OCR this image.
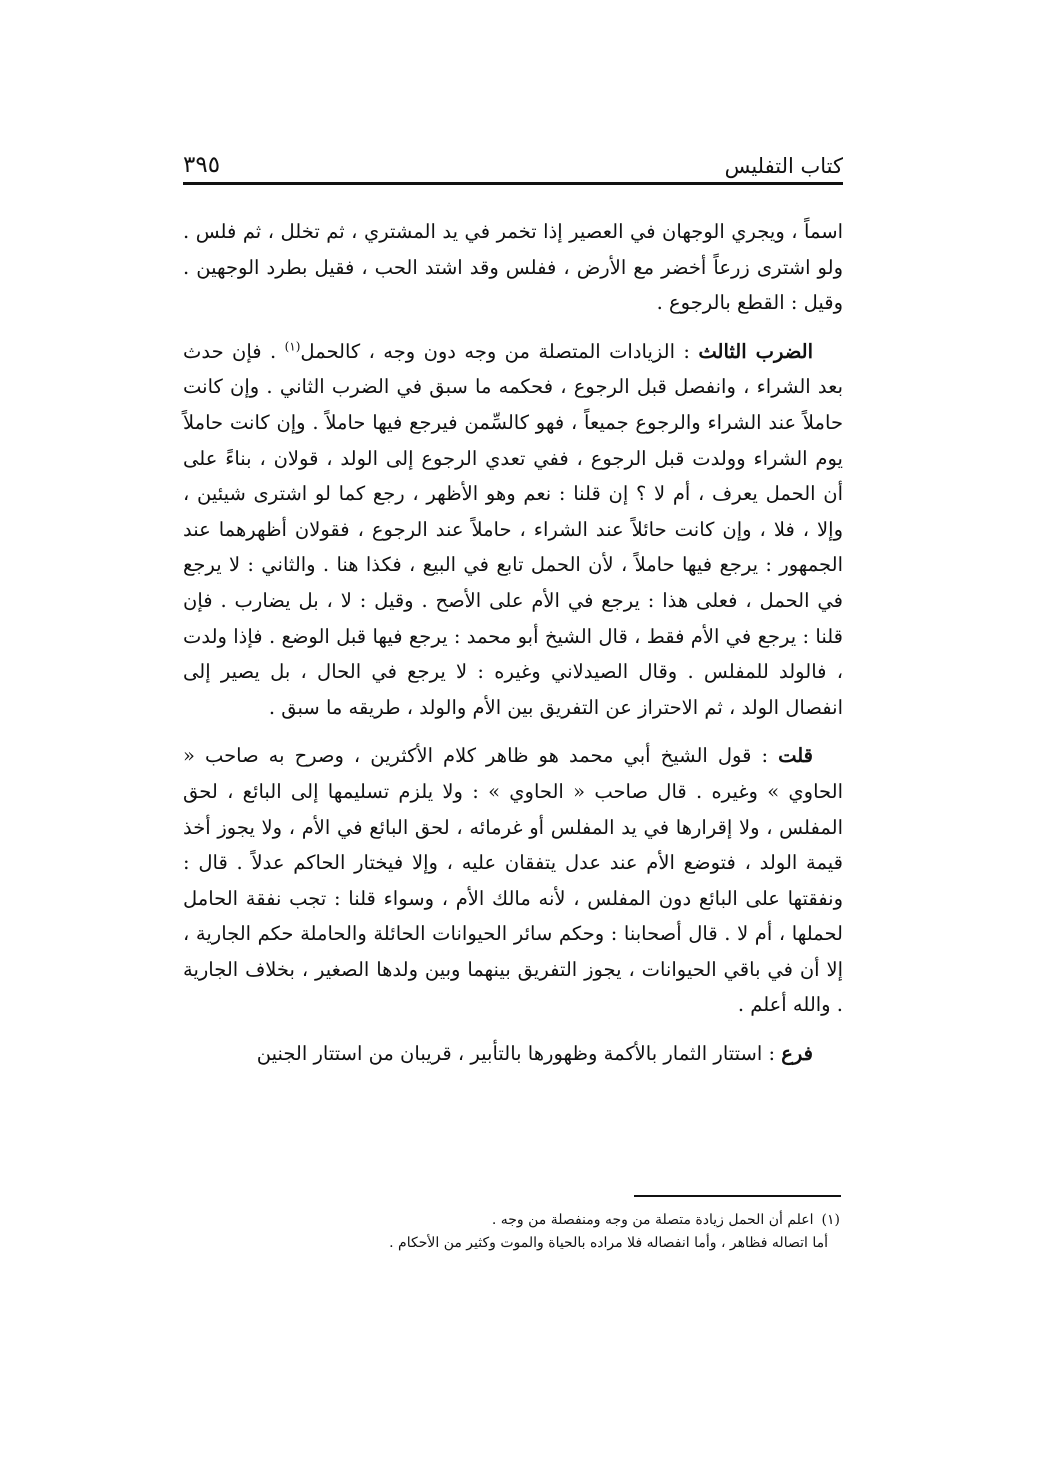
كتاب التفليس
٣٩٥

اسماً ، ويجري الوجهان في العصير إذا تخمر في يد المشتري ، ثم تخلل ، ثم فلس . ولو اشترى زرعاً أخضر مع الأرض ، ففلس وقد اشتد الحب ، فقيل بطرد الوجهين . وقيل : القطع بالرجوع .

الضرب الثالث : الزيادات المتصلة من وجه دون وجه ، كالحمل$^{(١)}$ . فإن حدث بعد الشراء ، وانفصل قبل الرجوع ، فحكمه ما سبق في الضرب الثاني . وإن كانت حاملاً عند الشراء والرجوع جميعاً ، فهو كالسِّمن فيرجع فيها حاملاً . وإن كانت حاملاً يوم الشراء وولدت قبل الرجوع ، ففي تعدي الرجوع إلى الولد ، قولان ، بناءً على أن الحمل يعرف ، أم لا ؟ إن قلنا : نعم وهو الأظهر ، رجع كما لو اشترى شيئين ، وإلا ، فلا ، وإن كانت حائلاً عند الشراء ، حاملاً عند الرجوع ، فقولان أظهرهما عند الجمهور : يرجع فيها حاملاً ، لأن الحمل تابع في البيع ، فكذا هنا . والثاني : لا يرجع في الحمل ، فعلى هذا : يرجع في الأم على الأصح . وقيل : لا ، بل يضارب . فإن قلنا : يرجع في الأم فقط ، قال الشيخ أبو محمد : يرجع فيها قبل الوضع . فإذا ولدت ، فالولد للمفلس . وقال الصيدلاني وغيره : لا يرجع في الحال ، بل يصير إلى انفصال الولد ، ثم الاحتراز عن التفريق بين الأم والولد ، طريقه ما سبق .

قلت : قول الشيخ أبي محمد هو ظاهر كلام الأكثرين ، وصرح به صاحب « الحاوي » وغيره . قال صاحب « الحاوي » : ولا يلزم تسليمها إلى البائع ، لحق المفلس ، ولا إقرارها في يد المفلس أو غرمائه ، لحق البائع في الأم ، ولا يجوز أخذ قيمة الولد ، فتوضع الأم عند عدل يتفقان عليه ، وإلا فيختار الحاكم عدلاً . قال : ونفقتها على البائع دون المفلس ، لأنه مالك الأم ، وسواء قلنا : تجب نفقة الحامل لحملها ، أم لا . قال أصحابنا : وحكم سائر الحيوانات الحائلة والحاملة حكم الجارية ، إلا أن في باقي الحيوانات ، يجوز التفريق بينهما وبين ولدها الصغير ، بخلاف الجارية . والله أعلم .

فرع : استتار الثمار بالأكمة وظهورها بالتأبير ، قريبان من استتار الجنين

(١)اعلم أن الحمل زيادة متصلة من وجه ومنفصلة من وجه .

أما اتصاله فظاهر ، وأما انفصاله فلا مراده بالحياة والموت وكثير من الأحكام .
